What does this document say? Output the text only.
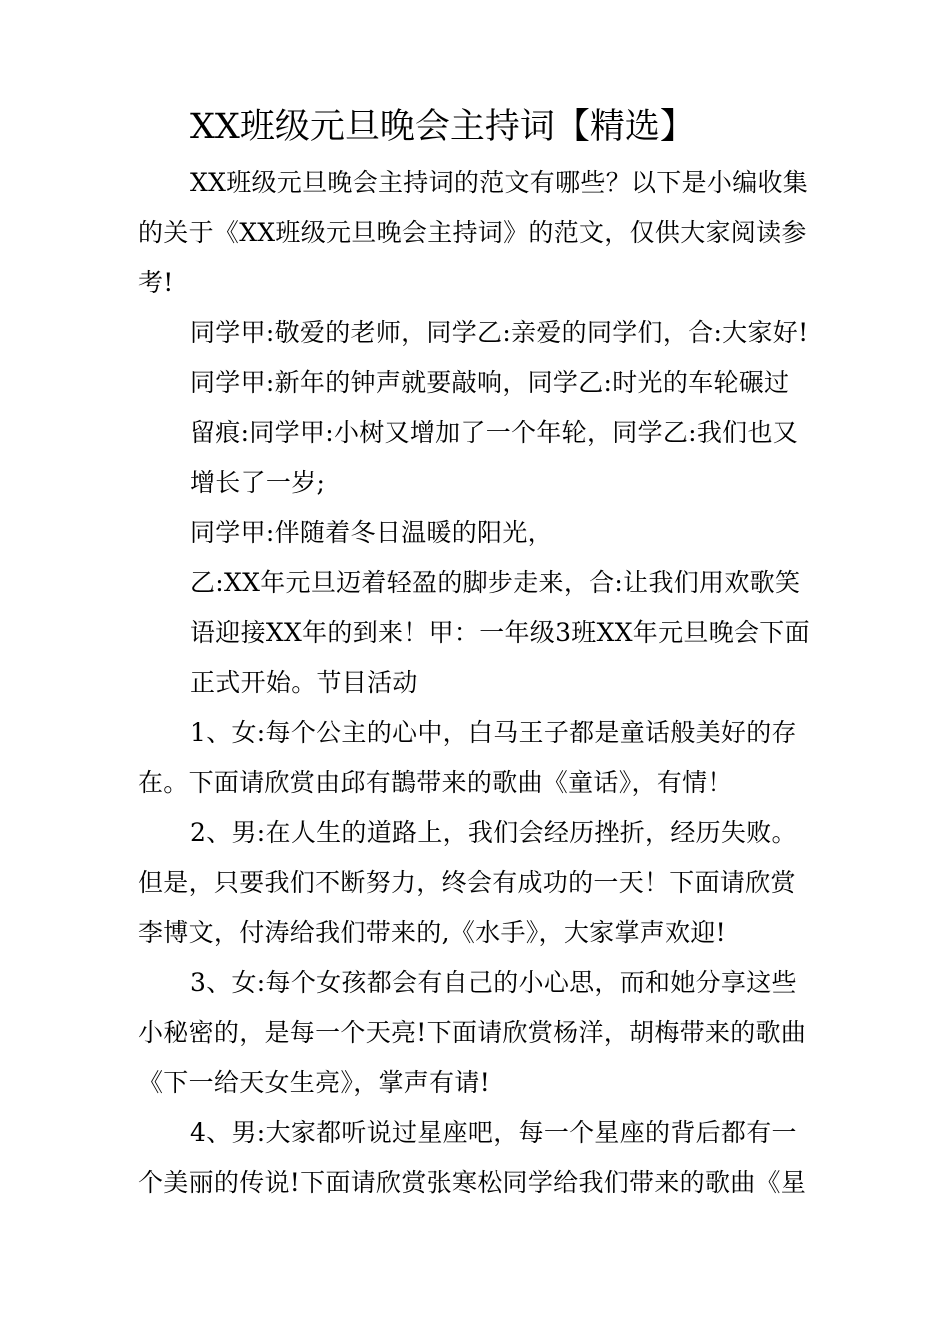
XX班级元旦晚会主持词【精选】
XX班级元旦晚会主持词的范文有哪些？以下是小编收集
的关于《XX班级元旦晚会主持词》的范文，仅供大家阅读参
考!
同学甲:敬爱的老师，同学乙:亲爱的同学们，合:大家好!
同学甲:新年的钟声就要敲响，同学乙:时光的车轮碾过
留痕:同学甲:小树又增加了一个年轮，同学乙:我们也又
增长了一岁;
同学甲:伴随着冬日温暖的阳光，
乙:XX年元旦迈着轻盈的脚步走来，合:让我们用欢歌笑
语迎接XX年的到来！甲：一年级3班XX年元旦晚会下面
正式开始。节目活动
1、女:每个公主的心中，白马王子都是童话般美好的存
在。下面请欣赏由邱有鵲带来的歌曲《童话》，有情！
2、男:在人生的道路上，我们会经历挫折，经历失败。
但是，只要我们不断努力，终会有成功的一天！下面请欣赏
李博文，付涛给我们带来的,《水手》，大家掌声欢迎!
3、女:每个女孩都会有自己的小心思，而和她分享这些
小秘密的，是每一个天亮!下面请欣赏杨洋，胡梅带来的歌曲
《下一给天女生亮》，掌声有请!
4、男:大家都听说过星座吧，每一个星座的背后都有一
个美丽的传说!下面请欣赏张寒松同学给我们带来的歌曲《星
